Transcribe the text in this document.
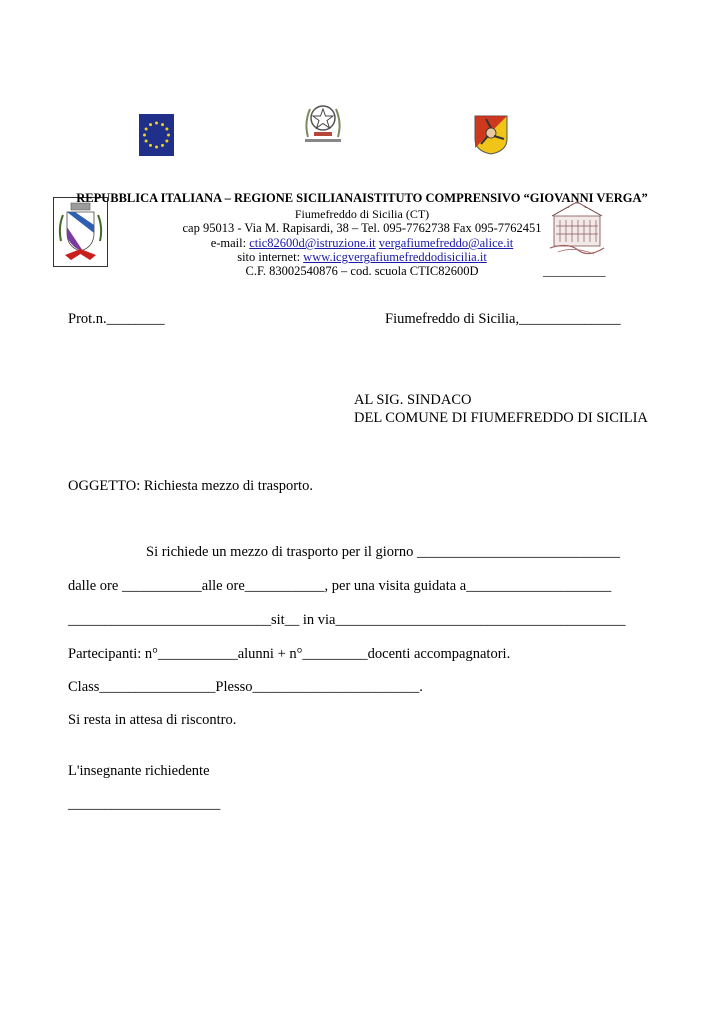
REPUBBLICA ITALIANA – REGIONE SICILIANAISTITUTO COMPRENSIVO “GIOVANNI VERGA”
Fiumefreddo di Sicilia (CT)
cap 95013 - Via M. Rapisardi, 38 – Tel. 095-7762738 Fax 095-7762451
e-mail: ctic82600d@istruzione.it vergafiumefreddo@alice.it
sito internet: www.icgvergafiumefreddodisicilia.it
C.F. 83002540876 – cod. scuola CTIC82600D	__________
Prot.n.________	Fiumefreddo di Sicilia,______________
AL SIG. SINDACO
DEL COMUNE DI FIUMEFREDDO DI SICILIA
OGGETTO: Richiesta mezzo di trasporto.
Si richiede un mezzo di trasporto per il giorno ____________________________
dalle ore ___________alle ore___________, per una visita guidata a____________________
____________________________sit__ in via________________________________________
Partecipanti: n°___________alunni + n°_________docenti accompagnatori.
Class________________Plesso_______________________.
Si resta in attesa di riscontro.
L'insegnante richiedente
_____________________
